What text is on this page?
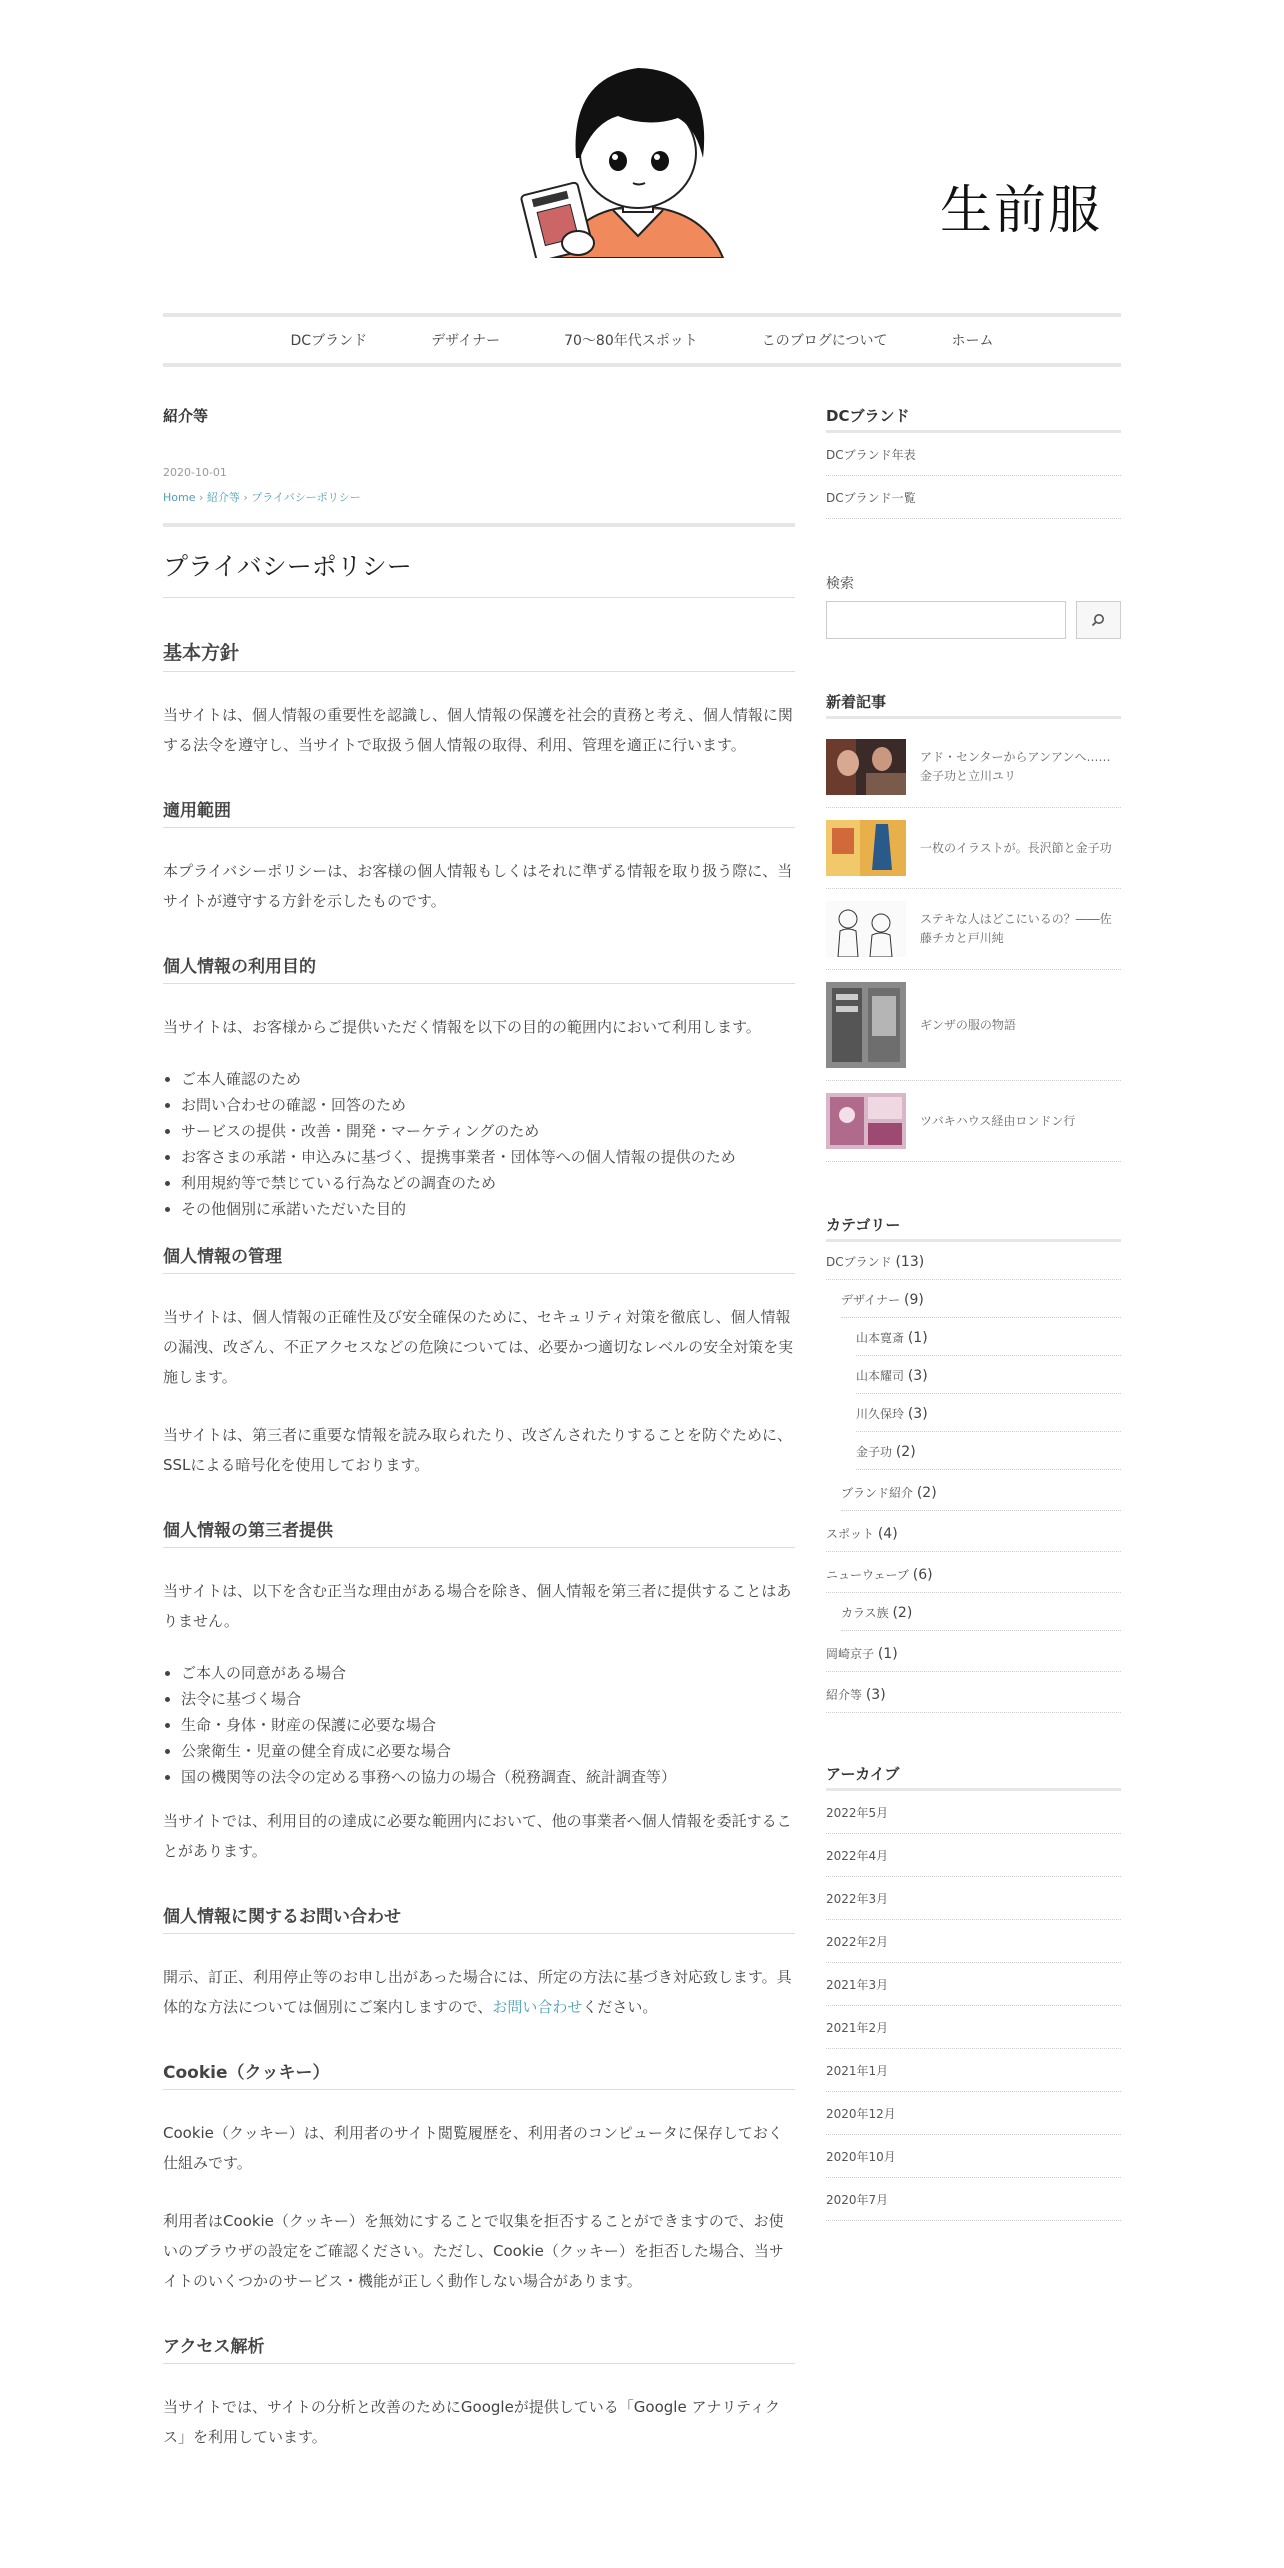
生前服
DCブランド	デザイナー	70〜80年代スポット	このブログについて	ホーム
紹介等
2020-10-01
Home › 紹介等 › プライバシーポリシー
プライバシーポリシー
基本方針

当サイトは、個人情報の重要性を認識し、個人情報の保護を社会的責務と考え、個人情報に関する法令を遵守し、当サイトで取扱う個人情報の取得、利用、管理を適正に行います。

適用範囲

本プライバシーポリシーは、お客様の個人情報もしくはそれに準ずる情報を取り扱う際に、当サイトが遵守する方針を示したものです。

個人情報の利用目的

当サイトは、お客様からご提供いただく情報を以下の目的の範囲内において利用します。

• ご本人確認のため
• お問い合わせの確認・回答のため
• サービスの提供・改善・開発・マーケティングのため
• お客さまの承諾・申込みに基づく、提携事業者・団体等への個人情報の提供のため
• 利用規約等で禁じている行為などの調査のため
• その他個別に承諾いただいた目的
個人情報の管理

当サイトは、個人情報の正確性及び安全確保のために、セキュリティ対策を徹底し、個人情報の漏洩、改ざん、不正アクセスなどの危険については、必要かつ適切なレベルの安全対策を実施します。

当サイトは、第三者に重要な情報を読み取られたり、改ざんされたりすることを防ぐために、SSLによる暗号化を使用しております。

個人情報の第三者提供

当サイトは、以下を含む正当な理由がある場合を除き、個人情報を第三者に提供することはありません。

• ご本人の同意がある場合
• 法令に基づく場合
• 生命・身体・財産の保護に必要な場合
• 公衆衛生・児童の健全育成に必要な場合
• 国の機関等の法令の定める事務への協力の場合（税務調査、統計調査等）

当サイトでは、利用目的の達成に必要な範囲内において、他の事業者へ個人情報を委託することがあります。

個人情報に関するお問い合わせ

開示、訂正、利用停止等のお申し出があった場合には、所定の方法に基づき対応致します。具体的な方法については個別にご案内しますので、お問い合わせください。

Cookie（クッキー）

Cookie（クッキー）は、利用者のサイト閲覧履歴を、利用者のコンピュータに保存しておく仕組みです。

利用者はCookie（クッキー）を無効にすることで収集を拒否することができますので、お使いのブラウザの設定をご確認ください。ただし、Cookie（クッキー）を拒否した場合、当サイトのいくつかのサービス・機能が正しく動作しない場合があります。

アクセス解析

当サイトでは、サイトの分析と改善のためにGoogleが提供している「Google アナリティクス」を利用しています。

DCブランド
DCブランド年表
DCブランド一覧
検索
新着記事
アド・センターからアンアンへ……金子功と立川ユリ
一枚のイラストが。長沢節と金子功
ステキな人はどこにいるの？――佐藤チカと戸川純
ギンザの服の物語
ツバキハウス経由ロンドン行
カテゴリー
DCブランド (13)
デザイナー (9)
山本寛斎 (1)
山本耀司 (3)
川久保玲 (3)
金子功 (2)
ブランド紹介 (2)
スポット (4)
ニューウェーブ (6)
カラス族 (2)
岡崎京子 (1)
紹介等 (3)
アーカイブ
2022年5月
2022年4月
2022年3月
2022年2月
2021年3月
2021年2月
2021年1月
2020年12月
2020年10月
2020年7月
